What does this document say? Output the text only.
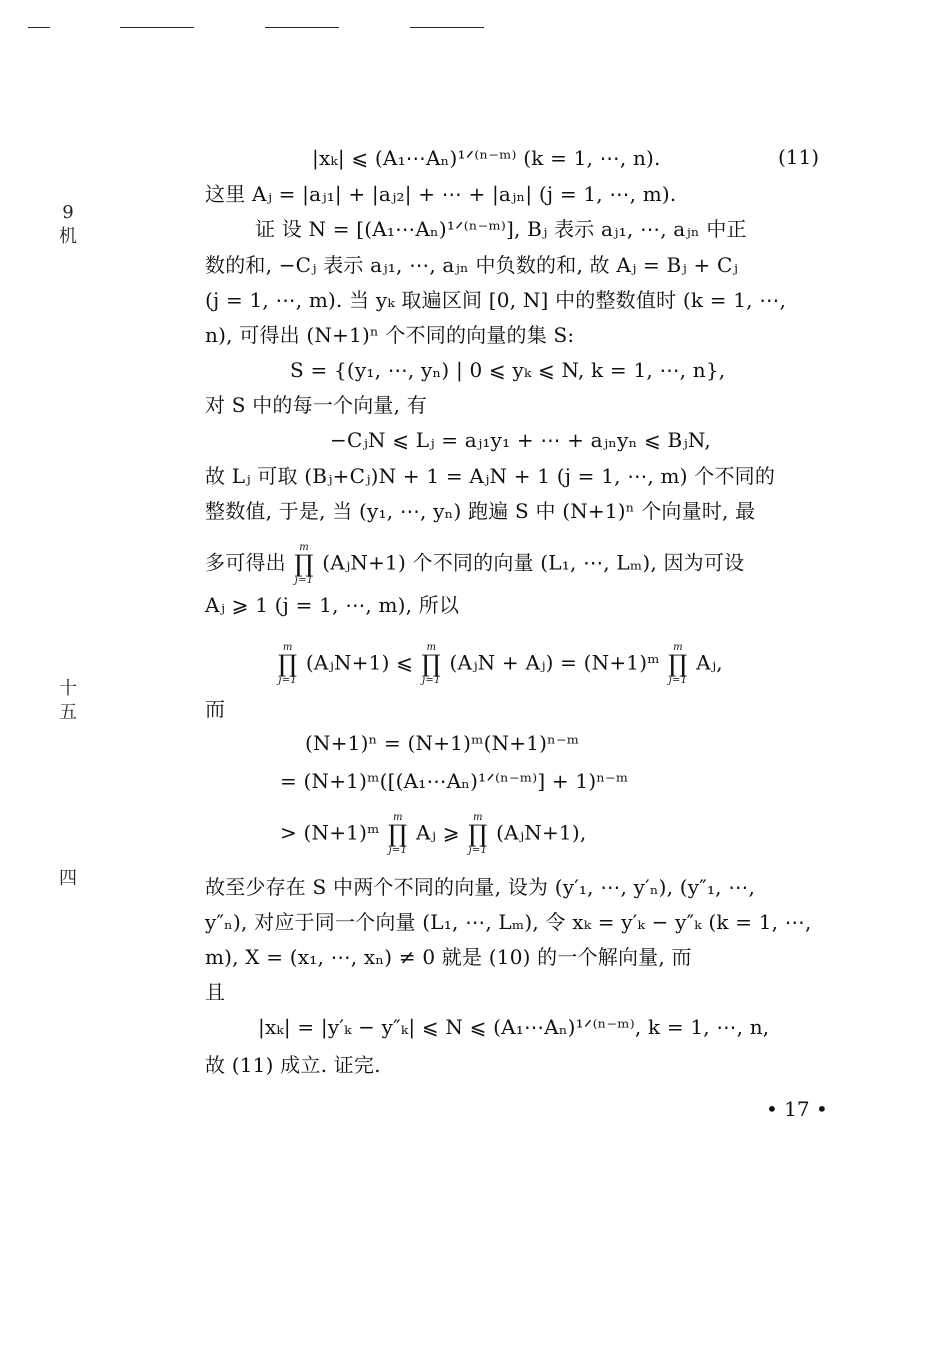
9
机
十
五
四
|xₖ| ⩽ (A₁⋯Aₙ)¹ᐟ⁽ⁿ⁻ᵐ⁾ (k = 1, ⋯, n).	(11)
这里 Aⱼ = |aⱼ₁| + |aⱼ₂| + ⋯ + |aⱼₙ| (j = 1, ⋯, m).
证 设 N = [(A₁⋯Aₙ)¹ᐟ⁽ⁿ⁻ᵐ⁾], Bⱼ 表示 aⱼ₁, ⋯, aⱼₙ 中正
数的和, −Cⱼ 表示 aⱼ₁, ⋯, aⱼₙ 中负数的和, 故 Aⱼ = Bⱼ + Cⱼ
(j = 1, ⋯, m). 当 yₖ 取遍区间 [0, N] 中的整数值时 (k = 1, ⋯,
n), 可得出 (N+1)ⁿ 个不同的向量的集 S:
S = {(y₁, ⋯, yₙ) | 0 ⩽ yₖ ⩽ N, k = 1, ⋯, n},
对 S 中的每一个向量, 有
−CⱼN ⩽ Lⱼ = aⱼ₁y₁ + ⋯ + aⱼₙyₙ ⩽ BⱼN,
故 Lⱼ 可取 (Bⱼ+Cⱼ)N + 1 = AⱼN + 1 (j = 1, ⋯, m) 个不同的
整数值, 于是, 当 (y₁, ⋯, yₙ) 跑遍 S 中 (N+1)ⁿ 个向量时, 最
多可得出
m
∏
j=1
(AⱼN+1) 个不同的向量 (L₁, ⋯, Lₘ), 因为可设
Aⱼ ⩾ 1 (j = 1, ⋯, m), 所以
m
∏
j=1
(AⱼN+1) ⩽
m
∏
j=1
(AⱼN + Aⱼ) = (N+1)ᵐ
m
∏
j=1
Aⱼ,
而
(N+1)ⁿ = (N+1)ᵐ(N+1)ⁿ⁻ᵐ
= (N+1)ᵐ([(A₁⋯Aₙ)¹ᐟ⁽ⁿ⁻ᵐ⁾] + 1)ⁿ⁻ᵐ
> (N+1)ᵐ
m
∏
j=1
Aⱼ ⩾
m
∏
j=1
(AⱼN+1),
故至少存在 S 中两个不同的向量, 设为 (y′₁, ⋯, y′ₙ), (y″₁, ⋯,
y″ₙ), 对应于同一个向量 (L₁, ⋯, Lₘ), 令 xₖ = y′ₖ − y″ₖ (k = 1, ⋯,
m), X = (x₁, ⋯, xₙ) ≠ 0 就是 (10) 的一个解向量, 而
且
|xₖ| = |y′ₖ − y″ₖ| ⩽ N ⩽ (A₁⋯Aₙ)¹ᐟ⁽ⁿ⁻ᵐ⁾, k = 1, ⋯, n,
故 (11) 成立. 证完.
• 17 •
